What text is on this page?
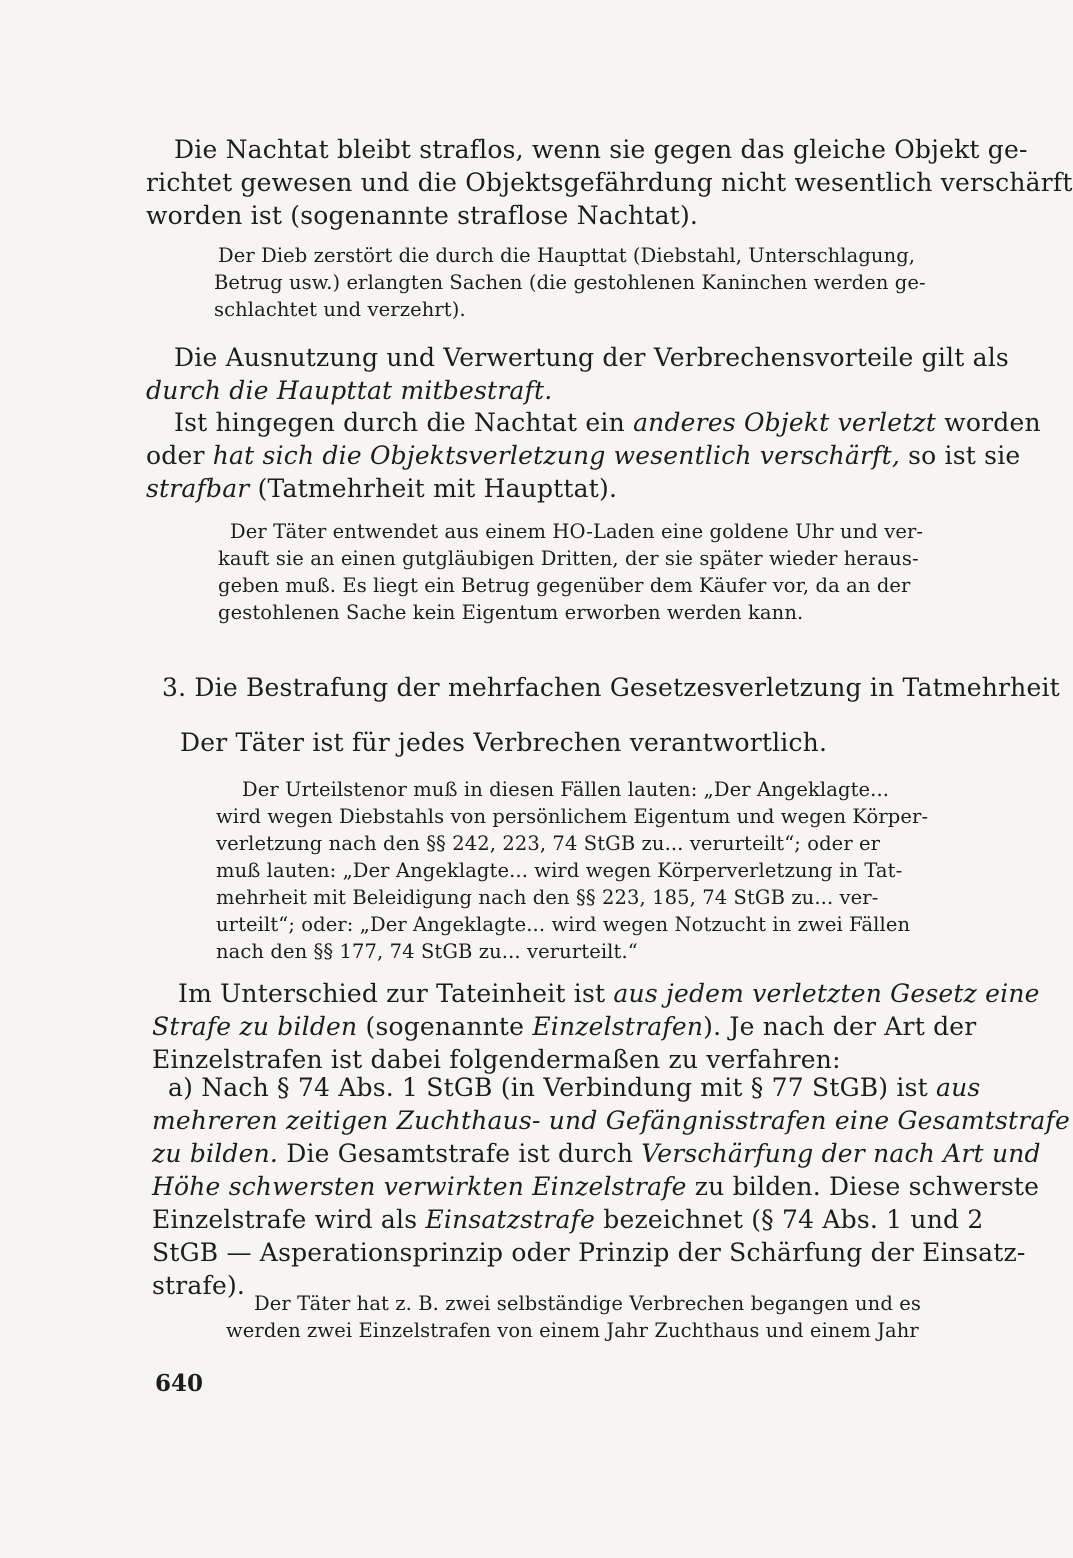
Die Nachtat bleibt straflos, wenn sie gegen das gleiche Objekt ge-
richtet gewesen und die Objektsgefährdung nicht wesentlich verschärft
worden ist (sogenannte straflose Nachtat).

Der Dieb zerstört die durch die Haupttat (Diebstahl, Unterschlagung,
Betrug usw.) erlangten Sachen (die gestohlenen Kaninchen werden ge-
schlachtet und verzehrt).

Die Ausnutzung und Verwertung der Verbrechensvorteile gilt als
durch die Haupttat mitbestraft.

Ist hingegen durch die Nachtat ein anderes Objekt verletzt worden
oder hat sich die Objektsverletzung wesentlich verschärft, so ist sie
strafbar (Tatmehrheit mit Haupttat).

Der Täter entwendet aus einem HO-Laden eine goldene Uhr und ver-
kauft sie an einen gutgläubigen Dritten, der sie später wieder heraus-
geben muß. Es liegt ein Betrug gegenüber dem Käufer vor, da an der
gestohlenen Sache kein Eigentum erworben werden kann.

3. Die Bestrafung der mehrfachen Gesetzesverletzung in Tatmehrheit

Der Täter ist für jedes Verbrechen verantwortlich.

Der Urteilstenor muß in diesen Fällen lauten: „Der Angeklagte...
wird wegen Diebstahls von persönlichem Eigentum und wegen Körper-
verletzung nach den §§ 242, 223, 74 StGB zu... verurteilt“; oder er
muß lauten: „Der Angeklagte... wird wegen Körperverletzung in Tat-
mehrheit mit Beleidigung nach den §§ 223, 185, 74 StGB zu... ver-
urteilt“; oder: „Der Angeklagte... wird wegen Notzucht in zwei Fällen
nach den §§ 177, 74 StGB zu... verurteilt.“

Im Unterschied zur Tateinheit ist aus jedem verletzten Gesetz eine
Strafe zu bilden (sogenannte Einzelstrafen). Je nach der Art der
Einzelstrafen ist dabei folgendermaßen zu verfahren:

a) Nach § 74 Abs. 1 StGB (in Verbindung mit § 77 StGB) ist aus
mehreren zeitigen Zuchthaus- und Gefängnisstrafen eine Gesamtstrafe
zu bilden. Die Gesamtstrafe ist durch Verschärfung der nach Art und
Höhe schwersten verwirkten Einzelstrafe zu bilden. Diese schwerste
Einzelstrafe wird als Einsatzstrafe bezeichnet (§ 74 Abs. 1 und 2
StGB — Asperationsprinzip oder Prinzip der Schärfung der Einsatz-
strafe).

Der Täter hat z. B. zwei selbständige Verbrechen begangen und es
werden zwei Einzelstrafen von einem Jahr Zuchthaus und einem Jahr

640
